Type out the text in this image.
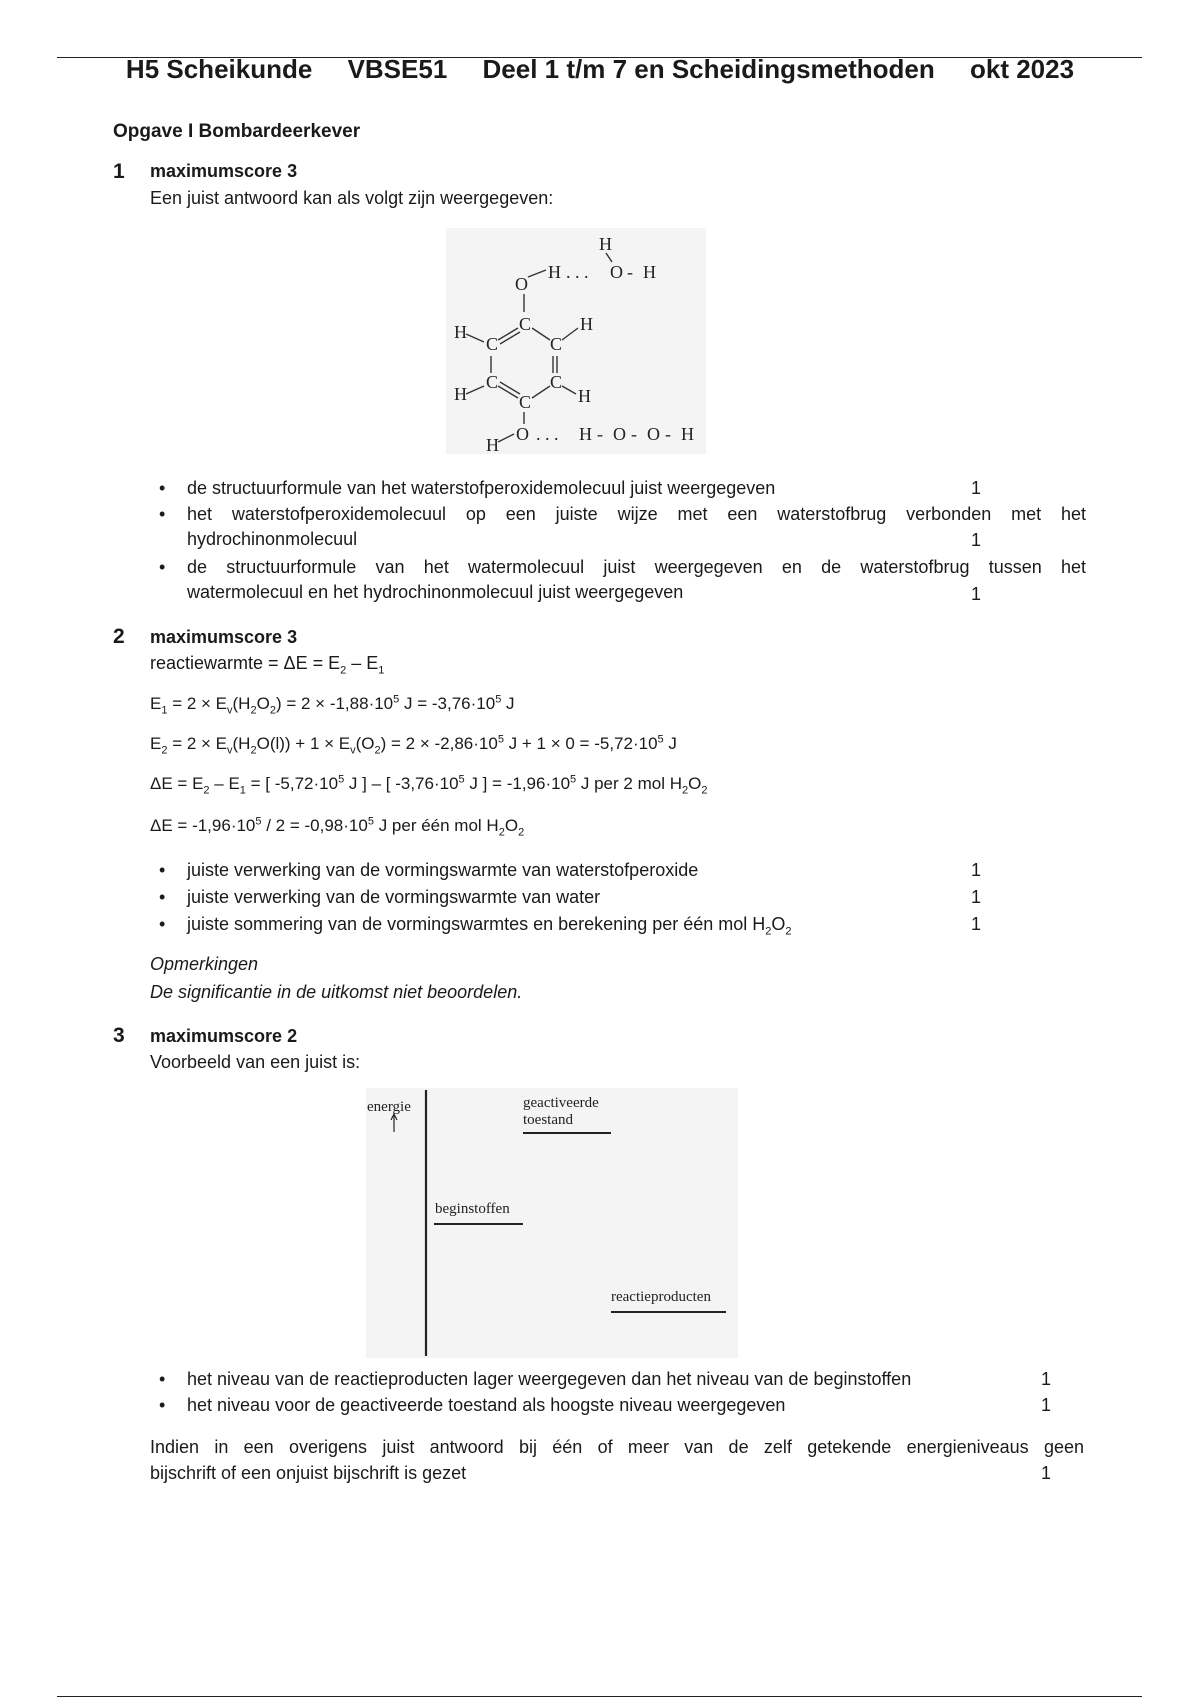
H5 Scheikunde VBSE51 Deel 1 t/m 7 en Scheidingsmethoden okt 2023
Opgave I Bombardeerkever
1 maximumscore 3
Een juist antwoord kan als volgt zijn weergegeven:
H
O
H . . . O - H
C
C	C
C	C
C
H	H
H	H
O
H
. . . H - O - O - H
• de structuurformule van het waterstofperoxidemolecuul juist weergegeven	1
• het waterstofperoxidemolecuul op een juiste wijze met een waterstofbrug verbonden met het
hydrochinonmolecuul	1
• de structuurformule van het watermolecuul juist weergegeven en de waterstofbrug tussen het
watermolecuul en het hydrochinonmolecuul juist weergegeven	1
2 maximumscore 3
reactiewarmte = $\Delta E = E_2 - E_1$
$E_1 = 2 \times E_v(H_2O_2) = 2 \times -1,88\cdot 10^5$ $J = -3,76\cdot 10^5$ J
$E_2 = 2 \times E_v(H_2O(l)) + 1 \times E_v(O_2) = 2 \times -2,86\cdot 10^5$ $J + 1 \times 0 = -5,72\cdot 10^5$ J
$\Delta E = E_2 - E_1$ = [ $-5,72\cdot 10^5$ J ] – [ $-3,76\cdot 10^5$ J ] = $-1,96\cdot 10^5$ J per 2 mol $H_2O_2$
$\Delta E = -1,96\cdot 10^5 / 2 = -0,98\cdot 10^5$ J per één mol $H_2O_2$
• juiste verwerking van de vormingswarmte van waterstofperoxide	1
• juiste verwerking van de vormingswarmte van water	1
• juiste sommering van de vormingswarmtes en berekening per één mol $H_2O_2$	1
Opmerkingen
De significantie in de uitkomst niet beoordelen.
3 maximumscore 2
Voorbeeld van een juist is:
energie	geactiveerde
toestand
beginstoffen
reactieproducten
• het niveau van de reactieproducten lager weergegeven dan het niveau van de beginstoffen	1
• het niveau voor de geactiveerde toestand als hoogste niveau weergegeven	1
Indien in een overigens juist antwoord bij één of meer van de zelf getekende energieniveaus geen
bijschrift of een onjuist bijschrift is gezet	1
